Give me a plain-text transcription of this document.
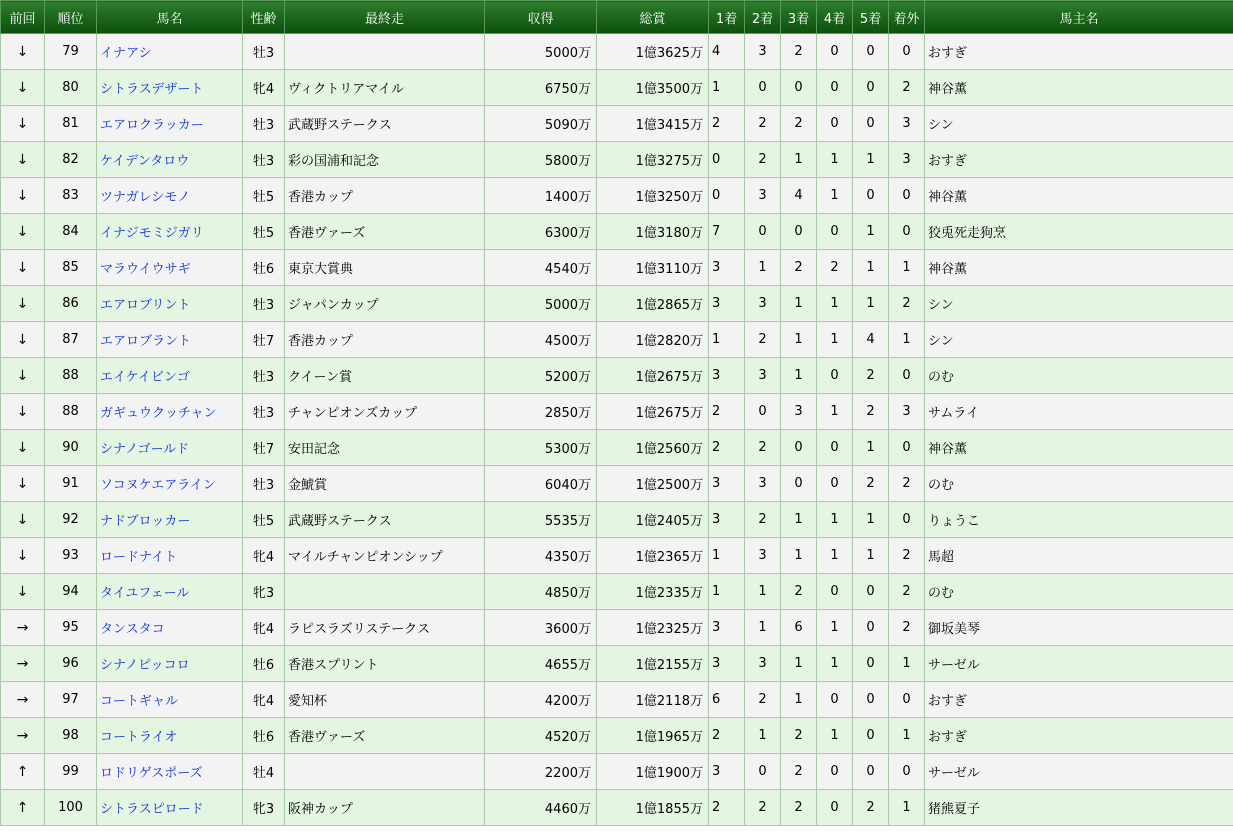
前回	順位	馬名	性齢	最終走	収得	総賞	1着	2着	3着	4着	5着	着外	馬主名
↓	79	イナアシ	牡3		5000万	1億3625万	4	3	2	0	0	0	おすぎ
↓	80	シトラスデザート	牝4	ヴィクトリアマイル	6750万	1億3500万	1	0	0	0	0	2	神谷薫
↓	81	エアロクラッカー	牡3	武蔵野ステークス	5090万	1億3415万	2	2	2	0	0	3	シン
↓	82	ケイデンタロウ	牡3	彩の国浦和記念	5800万	1億3275万	0	2	1	1	1	3	おすぎ
↓	83	ツナガレシモノ	牡5	香港カップ	1400万	1億3250万	0	3	4	1	0	0	神谷薫
↓	84	イナジモミジガリ	牡5	香港ヴァーズ	6300万	1億3180万	7	0	0	0	1	0	狡兎死走狗烹
↓	85	マラウイウサギ	牡6	東京大賞典	4540万	1億3110万	3	1	2	2	1	1	神谷薫
↓	86	エアロブリント	牡3	ジャパンカップ	5000万	1億2865万	3	3	1	1	1	2	シン
↓	87	エアロブラント	牡7	香港カップ	4500万	1億2820万	1	2	1	1	4	1	シン
↓	88	エイケイビンゴ	牡3	クイーン賞	5200万	1億2675万	3	3	1	0	2	0	のむ
↓	88	ガギュウクッチャン	牡3	チャンピオンズカップ	2850万	1億2675万	2	0	3	1	2	3	サムライ
↓	90	シナノゴールド	牡7	安田記念	5300万	1億2560万	2	2	0	0	1	0	神谷薫
↓	91	ソコヌケエアライン	牡3	金鯱賞	6040万	1億2500万	3	3	0	0	2	2	のむ
↓	92	ナドブロッカー	牡5	武蔵野ステークス	5535万	1億2405万	3	2	1	1	1	0	りょうこ
↓	93	ロードナイト	牝4	マイルチャンピオンシップ	4350万	1億2365万	1	3	1	1	1	2	馬超
↓	94	タイユフェール	牝3		4850万	1億2335万	1	1	2	0	0	2	のむ
→	95	タンスタコ	牝4	ラピスラズリステークス	3600万	1億2325万	3	1	6	1	0	2	御坂美琴
→	96	シナノピッコロ	牡6	香港スプリント	4655万	1億2155万	3	3	1	1	0	1	サーゼル
→	97	コートギャル	牝4	愛知杯	4200万	1億2118万	6	2	1	0	0	0	おすぎ
→	98	コートライオ	牡6	香港ヴァーズ	4520万	1億1965万	2	1	2	1	0	1	おすぎ
↑	99	ロドリゲスポーズ	牡4		2200万	1億1900万	3	0	2	0	0	0	サーゼル
↑	100	シトラスピロード	牝3	阪神カップ	4460万	1億1855万	2	2	2	0	2	1	猪熊夏子
